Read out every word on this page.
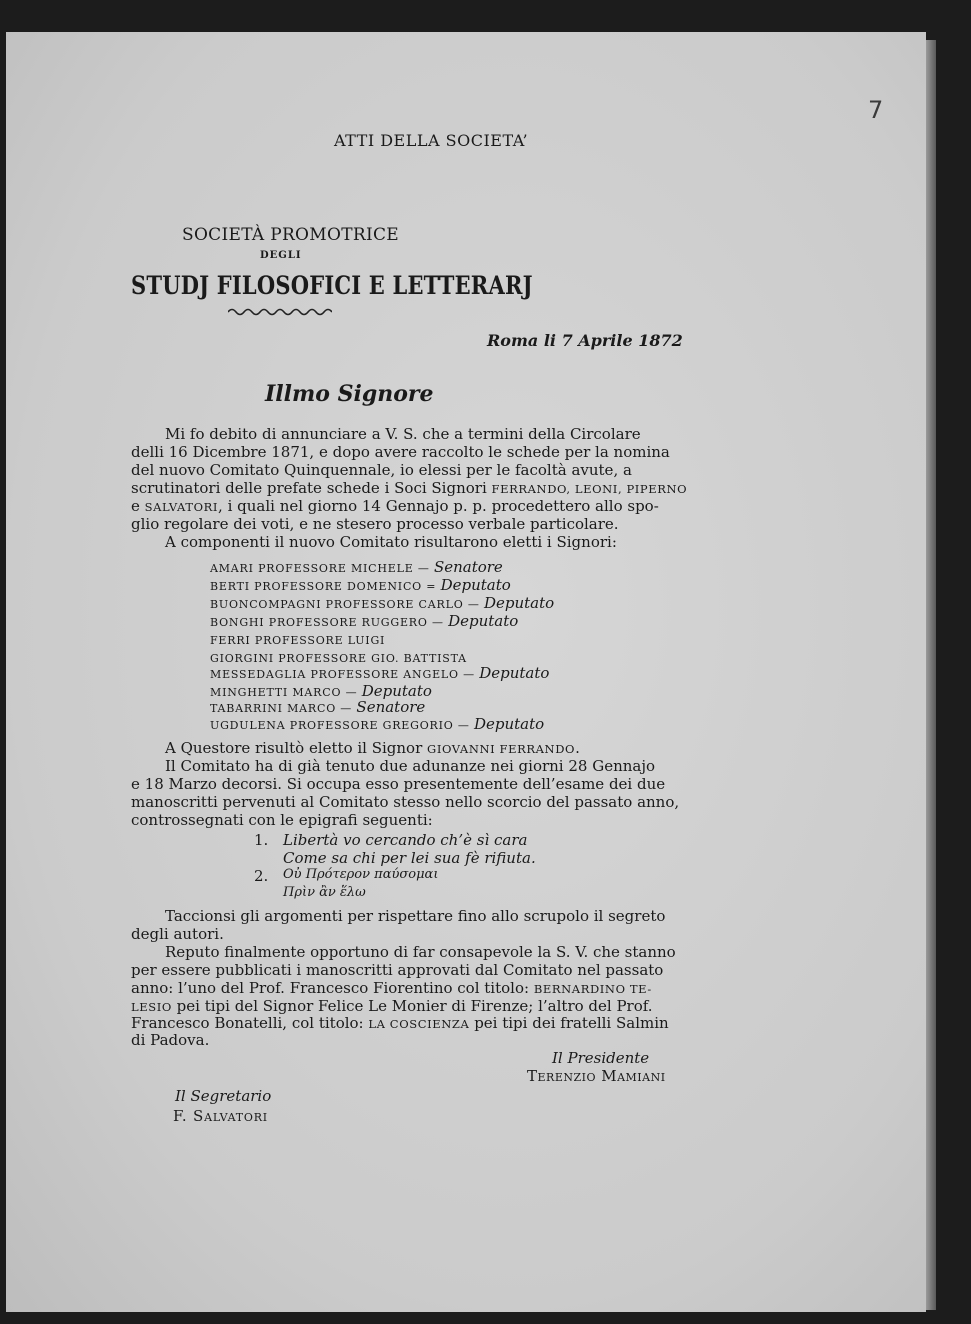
7
ATTI DELLA SOCIETA’
SOCIETÀ PROMOTRICE
DEGLI
STUDJ FILOSOFICI E LETTERARJ
Roma li 7 Aprile 1872
Illmo Signore
Mi fo debito di annunciare a V. S. che a termini della Circolare
delli 16 Dicembre 1871, e dopo avere raccolto le schede per la nomina
del nuovo Comitato Quinquennale, io elessi per le facoltà avute, a
scrutinatori delle prefate schede i Soci Signori FERRANDO, LEONI, PIPERNO
e SALVATORI, i quali nel giorno 14 Gennajo p. p. procedettero allo spo-
glio regolare dei voti, e ne stesero processo verbale particolare.
A componenti il nuovo Comitato risultarono eletti i Signori:
AMARI PROFESSORE MICHELE — Senatore
BERTI PROFESSORE DOMENICO = Deputato
BUONCOMPAGNI PROFESSORE CARLO — Deputato
BONGHI PROFESSORE RUGGERO — Deputato
FERRI PROFESSORE LUIGI
GIORGINI PROFESSORE GIO. BATTISTA
MESSEDAGLIA PROFESSORE ANGELO — Deputato
MINGHETTI MARCO — Deputato
TABARRINI MARCO — Senatore
UGDULENA PROFESSORE GREGORIO — Deputato
A Questore risultò eletto il Signor GIOVANNI FERRANDO.
Il Comitato ha di già tenuto due adunanze nei giorni 28 Gennajo
e 18 Marzo decorsi. Si occupa esso presentemente dell’esame dei due
manoscritti pervenuti al Comitato stesso nello scorcio del passato anno,
controssegnati con le epigrafi seguenti:
1. Libertà vo cercando ch’è sì cara
Come sa chi per lei sua fè rifiuta.
2. Οὐ Πρότερον παύσομαι
Πρὶν ἂν ἕλω
Taccionsi gli argomenti per rispettare fino allo scrupolo il segreto
degli autori.
Reputo finalmente opportuno di far consapevole la S. V. che stanno
per essere pubblicati i manoscritti approvati dal Comitato nel passato
anno: l’uno del Prof. Francesco Fiorentino col titolo: BERNARDINO TE-
LESIO pei tipi del Signor Felice Le Monier di Firenze; l’altro del Prof.
Francesco Bonatelli, col titolo: LA COSCIENZA pei tipi dei fratelli Salmin
di Padova.
Il Presidente
Terenzio Mamiani
Il Segretario
F. Salvatori
